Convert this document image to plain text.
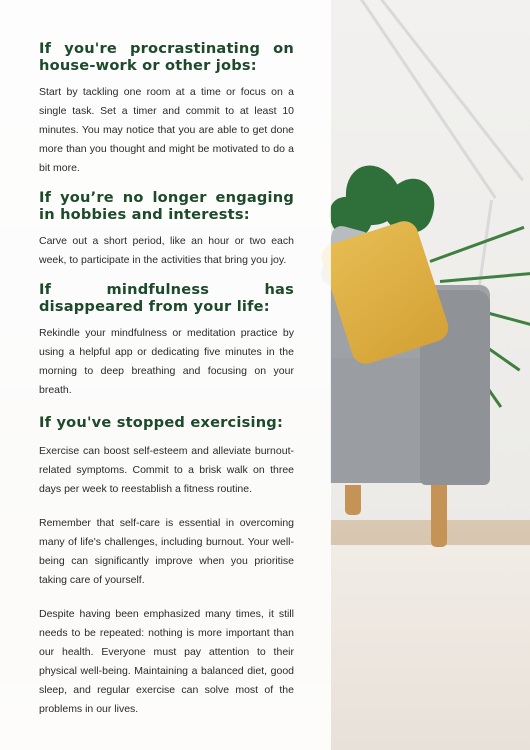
If you're procrastinating on house-work or other jobs:

Start by tackling one room at a time or focus on a single task. Set a timer and commit to at least 10 minutes. You may notice that you are able to get done more than you thought and might be motivated to do a bit more.

If you’re no longer engaging in hobbies and interests:

Carve out a short period, like an hour or two each week, to participate in the activities that bring you joy.

If mindfulness has disappeared from your life:

Rekindle your mindfulness or meditation practice by using a helpful app or dedicating five minutes in the morning to deep breathing and focusing on your breath.

If you've stopped exercising:

Exercise can boost self-esteem and alleviate burnout-related symptoms. Commit to a brisk walk on three days per week to reestablish a fitness routine.

Remember that self-care is essential in overcoming many of life's challenges, including burnout. Your well-being can significantly improve when you prioritise taking care of yourself.

Despite having been emphasized many times, it still needs to be repeated: nothing is more important than our health. Everyone must pay attention to their physical well-being. Maintaining a balanced diet, good sleep, and regular exercise can solve most of the problems in our lives.
